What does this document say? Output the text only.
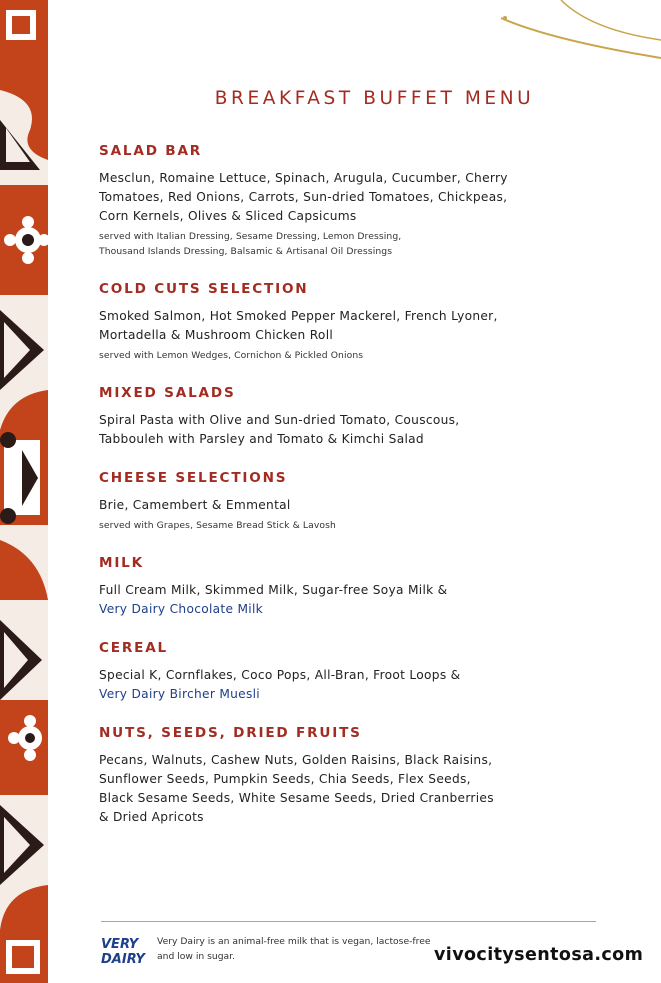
BREAKFAST BUFFET MENU
SALAD BAR
Mesclun, Romaine Lettuce, Spinach, Arugula, Cucumber, Cherry
Tomatoes, Red Onions, Carrots, Sun-dried Tomatoes, Chickpeas,
Corn Kernels, Olives & Sliced Capsicums
served with Italian Dressing, Sesame Dressing, Lemon Dressing,
Thousand Islands Dressing, Balsamic & Artisanal Oil Dressings
COLD CUTS SELECTION
Smoked Salmon, Hot Smoked Pepper Mackerel, French Lyoner,
Mortadella & Mushroom Chicken Roll
served with Lemon Wedges, Cornichon & Pickled Onions
MIXED SALADS
Spiral Pasta with Olive and Sun-dried Tomato, Couscous,
Tabbouleh with Parsley and Tomato & Kimchi Salad
CHEESE SELECTIONS
Brie, Camembert & Emmental
served with Grapes, Sesame Bread Stick & Lavosh
MILK
Full Cream Milk, Skimmed Milk, Sugar-free Soya Milk &
Very Dairy Chocolate Milk
CEREAL
Special K, Cornflakes, Coco Pops, All-Bran, Froot Loops &
Very Dairy Bircher Muesli
NUTS, SEEDS, DRIED FRUITS
Pecans, Walnuts, Cashew Nuts, Golden Raisins, Black Raisins,
Sunflower Seeds, Pumpkin Seeds, Chia Seeds, Flex Seeds,
Black Sesame Seeds, White Sesame Seeds, Dried Cranberries
& Dried Apricots
VERY
DAIRY
Very Dairy is an animal-free milk that is vegan, lactose-free
and low in sugar.	vivocitysentosa.com
